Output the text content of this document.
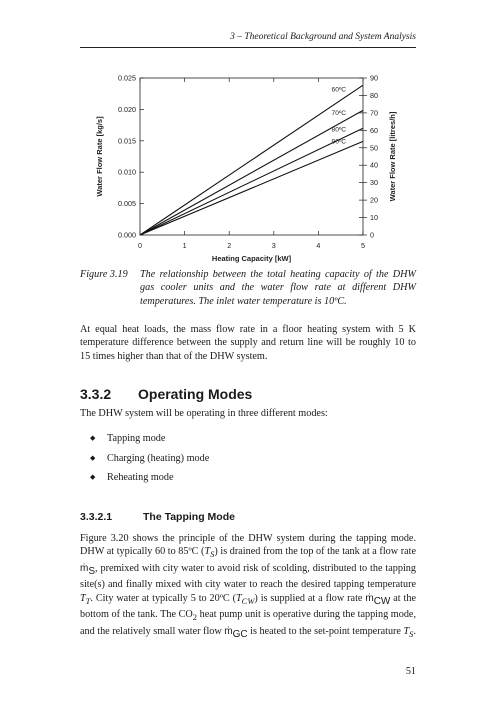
3 – Theoretical Background and System Analysis
0	1	2	3	4	5
0.000
0.005
0.010
0.015
0.020
0.025
0
10
20
30
40
50
60
70
80
90
60ºC
70ºC
80ºC
90ºC
Heating Capacity [kW]
Water Flow Rate [kg/s]	Water Flow Rate [litres/h]
Figure 3.19 The relationship between the total heating capacity of the DHW gas cooler units and the water flow rate at different DHW temperatures. The inlet water temperature is 10ºC.
At equal heat loads, the mass flow rate in a floor heating system with 5 K temperature difference between the supply and return line will be roughly 10 to 15 times higher than that of the DHW system.
3.3.2 Operating Modes
The DHW system will be operating in three different modes:
◆ Tapping mode
◆ Charging (heating) mode
◆ Reheating mode
3.3.2.1	The Tapping Mode
Figure 3.20 shows the principle of the DHW system during the tapping mode. DHW at typically 60 to 85ºC $(T_S)$ is drained from the top of the tank at a flow rate ṁ$_S$, premixed with city water to avoid risk of scolding, distributed to the tapping site(s) and finally mixed with city water to reach the desired tapping temperature $T_T$. City water at typically 5 to 20ºC $(T_{CW})$ is supplied at a flow rate ṁ$_{CW}$ at the bottom of the tank. The $CO_2$ heat pump unit is operative during the tapping mode, and the relatively small water flow ṁ$_{GC}$ is heated to the set-point temperature $T_S$.
51
